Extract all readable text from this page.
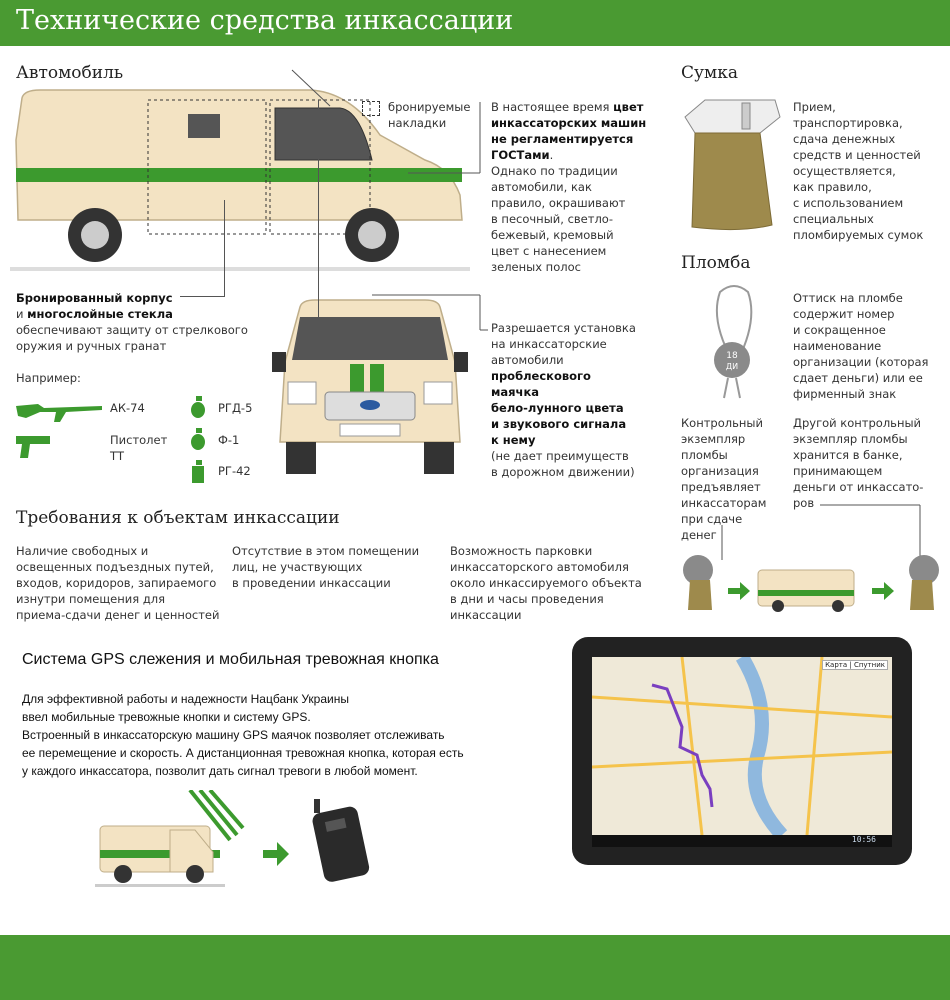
Технические средства инкассации
Автомобиль
бронируемые
накладки
В настоящее время цвет
инкассаторских машин
не регламентируется
ГОСТами.
Однако по традиции
автомобили, как
правило, окрашивают
в песочный, светло-
бежевый, кремовый
цвет с нанесением
зеленых полос
Бронированный корпус
и многослойные стекла
обеспечивают защиту от стрелкового
оружия и ручных гранат
Разрешается установка
на инкассаторские
автомобили
проблескового
маячка
бело-лунного цвета
и звукового сигнала
к нему
(не дает преимуществ
в дорожном движении)
Например:
АК-74
Пистолет
ТТ
РГД-5
Ф-1
РГ-42
Сумка
Прием,
транспортировка,
сдача денежных
средств и ценностей
осуществляется,
как правило,
с использованием
специальных
пломбируемых сумок
Пломба
18
ДИ
Оттиск на пломбе
содержит номер
и сокращенное
наименование
организации (которая
сдает деньги) или ее
фирменный знак
Контрольный
экземпляр
пломбы
организация
предъявляет
инкассаторам
при сдаче денег
Другой контрольный
экземпляр пломбы
хранится в банке,
принимающем
деньги от инкассато-
ров
Требования к объектам инкассации
Наличие свободных и
освещенных подъездных путей,
входов, коридоров, запираемого
изнутри помещения для
приема-сдачи денег и ценностей
Отсутствие в этом помещении
лиц, не участвующих
в проведении инкассации
Возможность парковки
инкассаторского автомобиля
около инкассируемого объекта
в дни и часы проведения
инкассации
Система GPS слежения и мобильная тревожная кнопка
Для эффективной работы и надежности Нацбанк Украины
ввел мобильные тревожные кнопки и систему GPS.
Встроенный в инкассаторскую машину GPS маячок позволяет отслеживать
ее перемещение и скорость. А дистанционная тревожная кнопка, которая есть
у каждого инкассатора, позволит дать сигнал тревоги в любой момент.
Карта | Спутник
10:56
